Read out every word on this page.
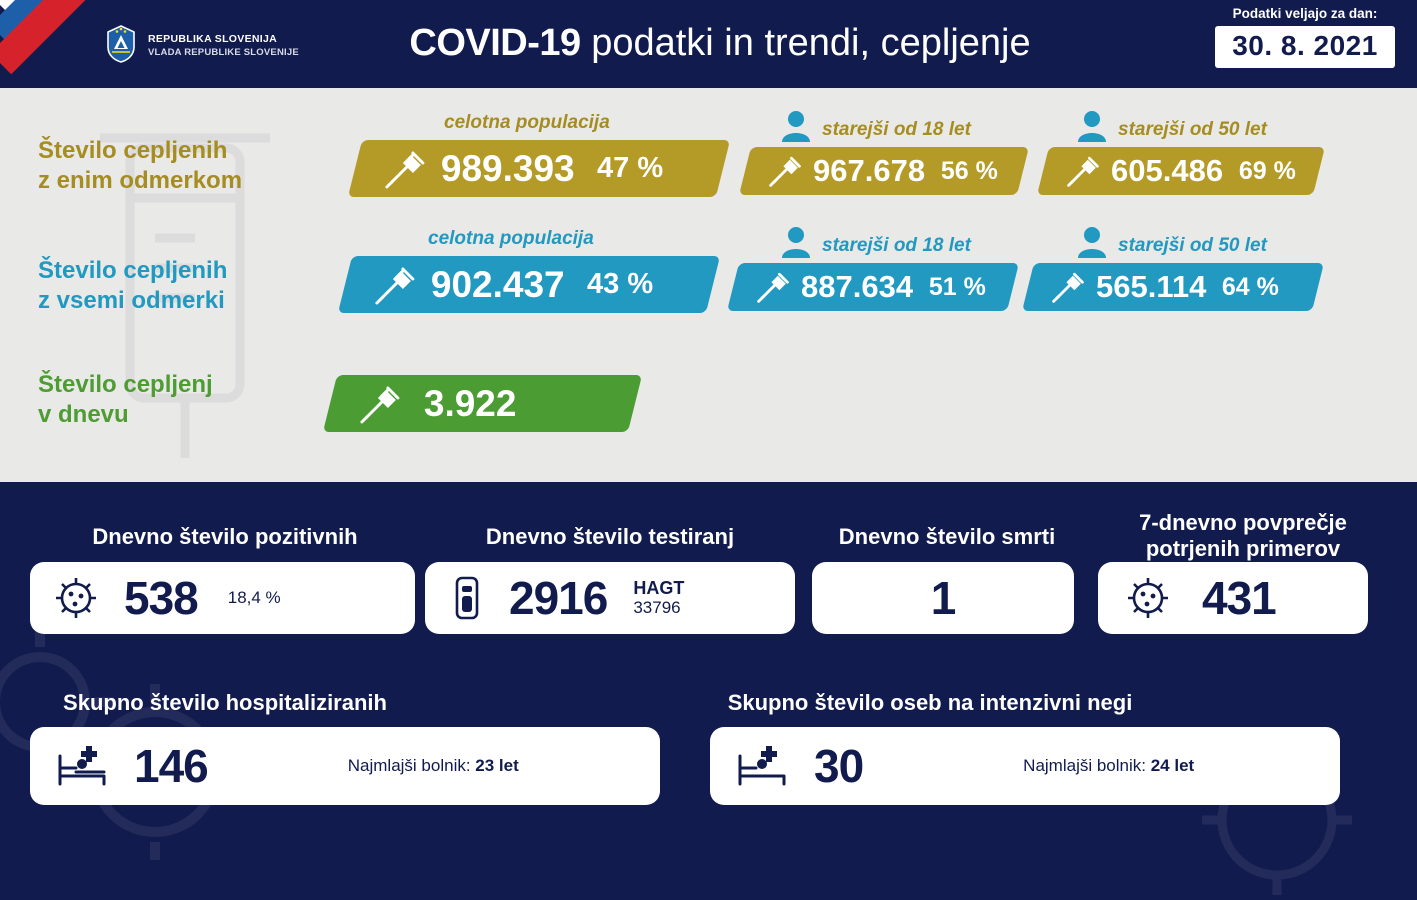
REPUBLIKA SLOVENIJA
VLADA REPUBLIKE SLOVENIJE	COVID-19 podatki in trendi, cepljenje
Podatki veljajo za dan:
30. 8. 2021
Število cepljenih
z enim odmerkom
celotna populacija
989.393 47 %
starejši od 18 let
967.678 56 %
starejši od 50 let
605.486 69 %
Število cepljenih
z vsemi odmerki
celotna populacija
902.437 43 %
starejši od 18 let
887.634 51 %
starejši od 50 let
565.114 64 %
Število cepljenj
v dnevu	3.922
Dnevno število pozitivnih	Dnevno število testiranj	Dnevno število smrti
7-dnevno povprečje
potrjenih primerov
538 18,4 %	2916 HAGT
33796	1	431
Skupno število hospitaliziranih	Skupno število oseb na intenzivni negi
146	Najmlajši bolnik: 23 let	30	Najmlajši bolnik: 24 let
